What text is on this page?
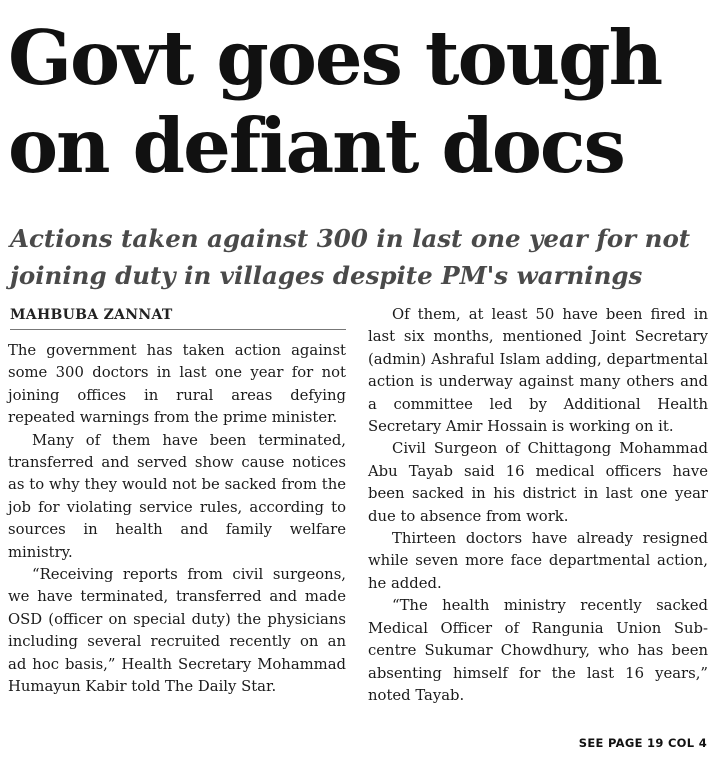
Govt goes tough on defiant docs
Actions taken against 300 in last one year for not joining duty in villages despite PM's warnings
MAHBUBA ZANNAT

The government has taken action against some 300 doctors in last one year for not joining offices in rural areas defying repeated warnings from the prime minister.

Many of them have been terminated, transferred and served show cause notices as to why they would not be sacked from the job for violating service rules, according to sources in health and family welfare ministry.

“Receiving reports from civil surgeons, we have terminated, transferred and made OSD (officer on special duty) the physicians including several recruited recently on an ad hoc basis,” Health Secretary Mohammad Humayun Kabir told The Daily Star.

Of them, at least 50 have been fired in last six months, mentioned Joint Secretary (admin) Ashraful Islam adding, departmental action is underway against many others and a committee led by Additional Health Secretary Amir Hossain is working on it.

Civil Surgeon of Chittagong Mohammad Abu Tayab said 16 medical officers have been sacked in his district in last one year due to absence from work.

Thirteen doctors have already resigned while seven more face departmental action, he added.

“The health ministry recently sacked Medical Officer of Rangunia Union Sub-centre Sukumar Chowdhury, who has been absenting himself for the last 16 years,” noted Tayab.

SEE PAGE 19 COL 4
